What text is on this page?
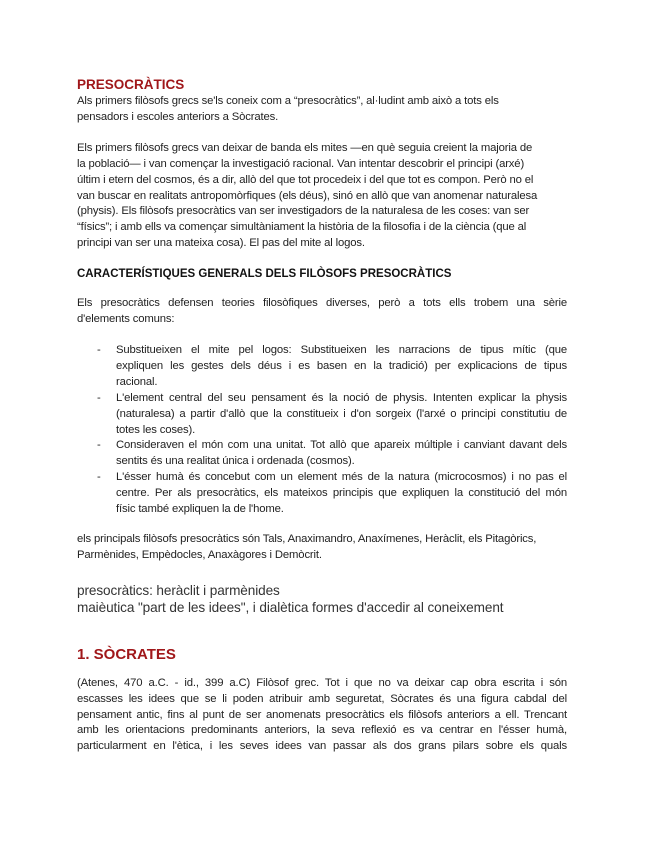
PRESOCRÀTICS
Als primers filòsofs grecs se'ls coneix com a “presocràtics”, al·ludint amb això a tots els
pensadors i escoles anteriors a Sòcrates.
Els primers filòsofs grecs van deixar de banda els mites —en què seguia creient la majoria de
la població— i van començar la investigació racional. Van intentar descobrir el principi (arxé)
últim i etern del cosmos, és a dir, allò del que tot procedeix i del que tot es compon. Però no el
van buscar en realitats antropomòrfiques (els déus), sinó en allò que van anomenar naturalesa
(physis). Els filòsofs presocràtics van ser investigadors de la naturalesa de les coses: van ser
“físics”; i amb ells va començar simultàniament la història de la filosofia i de la ciència (que al
principi van ser una mateixa cosa). El pas del mite al logos.
CARACTERÍSTIQUES GENERALS DELS FILÒSOFS PRESOCRÀTICS
Els presocràtics defensen teories filosòfiques diverses, però a tots ells trobem una sèrie
d'elements comuns:
- Substitueixen el mite pel logos: Substitueixen les narracions de tipus mític (que
expliquen les gestes dels déus i es basen en la tradició) per explicacions de tipus
racional.
- L'element central del seu pensament és la noció de physis. Intenten explicar la physis
(naturalesa) a partir d'allò que la constitueix i d'on sorgeix (l'arxé o principi constitutiu de
totes les coses).
- Consideraven el món com una unitat. Tot allò que apareix múltiple i canviant davant dels
sentits és una realitat única i ordenada (cosmos).
- L'ésser humà és concebut com un element més de la natura (microcosmos) i no pas el
centre. Per als presocràtics, els mateixos principis que expliquen la constitució del món
físic també expliquen la de l'home.
els principals filòsofs presocràtics són Tals, Anaximandro, Anaxímenes, Heràclit, els Pitagòrics,
Parmènides, Empèdocles, Anaxàgores i Demòcrit.
presocràtics: heràclit i parmènides
maièutica "part de les idees", i dialètica formes d'accedir al coneixement
1. SÒCRATES
(Atenes, 470 a.C. - id., 399 a.C) Filòsof grec. Tot i que no va deixar cap obra escrita i són
escasses les idees que se li poden atribuir amb seguretat, Sòcrates és una figura cabdal del
pensament antic, fins al punt de ser anomenats presocràtics els filòsofs anteriors a ell. Trencant
amb les orientacions predominants anteriors, la seva reflexió es va centrar en l'ésser humà,
particularment en l'ètica, i les seves idees van passar als dos grans pilars sobre els quals
